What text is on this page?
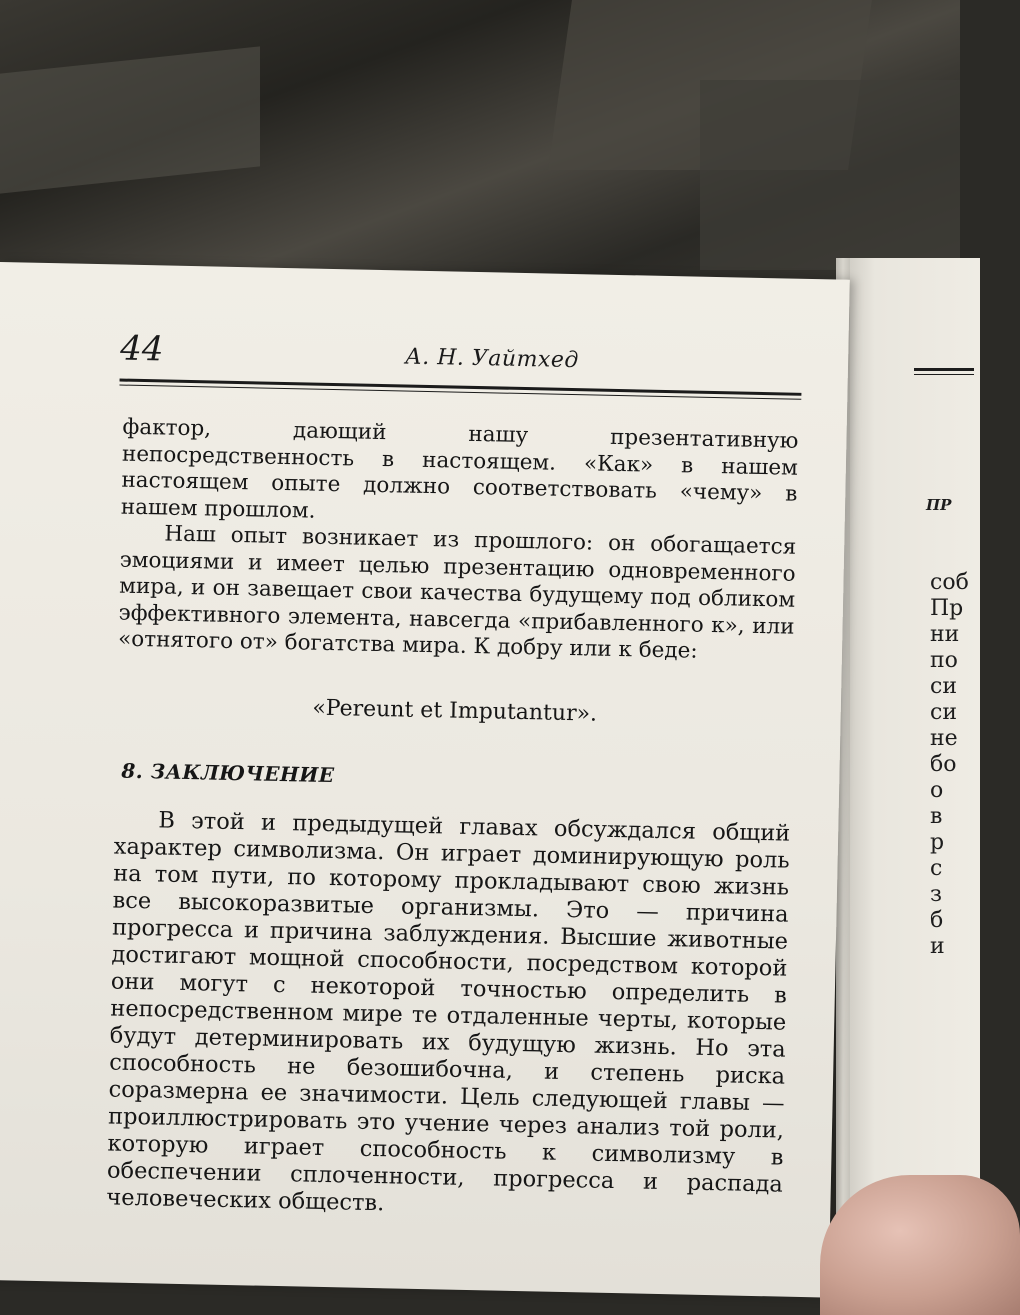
ПР
соб
Пр
ни
по
си
си
не
бо
о
в
р
с
з
б
и
44	А. Н. Уайтхед

фактор, дающий нашу презентативную непосредственность в настоящем. «Как» в нашем настоящем опыте должно соответствовать «чему» в нашем прошлом.

Наш опыт возникает из прошлого: он обогащается эмоциями и имеет целью презентацию одновременного мира, и он завещает свои качества будущему под обликом эффективного элемента, навсегда «прибавленного к», или «отнятого от» богатства мира. К добру или к беде:

«Pereunt et Imputantur».

8. ЗАКЛЮЧЕНИЕ

В этой и предыдущей главах обсуждался общий характер символизма. Он играет доминирующую роль на том пути, по которому прокладывают свою жизнь все высокоразвитые организмы. Это — причина прогресса и причина заблуждения. Высшие животные достигают мощной способности, посредством которой они могут с некоторой точностью определить в непосредственном мире те отдаленные черты, которые будут детерминировать их будущую жизнь. Но эта способность не безошибочна, и степень риска соразмерна ее значимости. Цель следующей главы — проиллюстрировать это учение через анализ той роли, которую играет способность к символизму в обеспечении сплоченности, прогресса и распада человеческих обществ.
